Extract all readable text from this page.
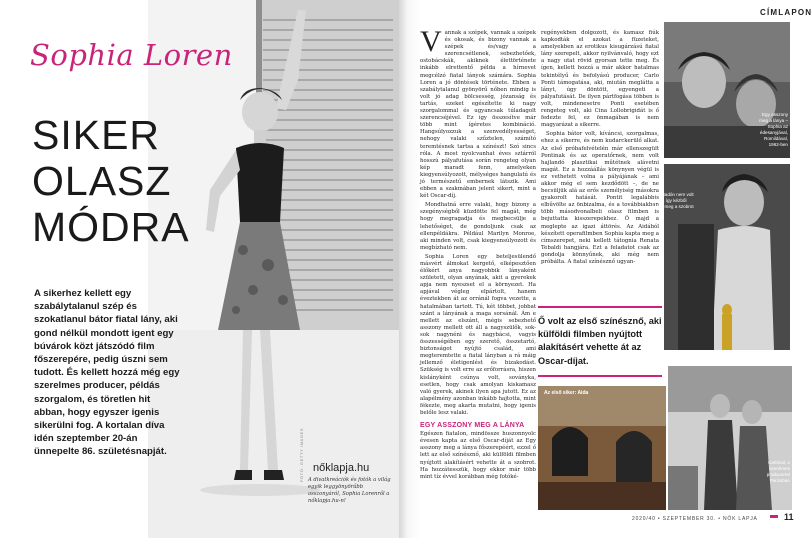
Sophia Loren
SIKER
OLASZ
MÓDRA
A sikerhez kellett egy szabálytalanul szép és szokatlanul bátor fiatal lány, aki gond nélkül mondott igent egy búvárok közt játszódó film főszerepére, pedig úszni sem tudott. És kellett hozzá még egy szerelmes producer, példás szorgalom, és töretlen hit abban, hogy egyszer igenis sikerülni fog. A kortalan díva idén szeptember 20-án ünnepelte 86. születésnapját.
nőklapja.hu
A divatkreációk és fotók a világ egyik leggyönyörűbb asszonyáról, Sophia Lorenről a nőklapja.hu-n!
FOTÓ: GETTY IMAGES
CÍMLAPON
V annak a szépek, vannak a szépek és okosak, és bizony vannak a szépek és/vagy a szerencsétlenek, sebezhetőek, ostobácskák, akiknek élettörténete inkább elrettentő példa a hírnevet megcélzó fiatal lányok számára. Sophia Loren a jó döntések története. Ebben a szabálytalanul gyönyörű nőben mindig is volt jó adag bölcsesség, józanság és tartás, ezeket egészítette ki nagy szorgalommal és ugyancsak túladagolt szerencséjével. Ez így összesítve már több mint ígéretes kombináció. Hangsúlyozzuk a szenvedélyességet, nehogy valaki szűztelen, számító teremtésnek tartsa a színészt! Szó sincs róla. A most nyolcvanhat éves sztárról hosszú pályafutása során rengeteg olyan kép maradt fenn, amelyeken kiegyensúlyozott, mélységes hangulatú és jó természetű embernek látszik. Ami ebben a szakmában jelent sikert, mint a két Oscar-díj.

Mondhatná erre valaki, hogy bizony a szegénységből küzdötte fel magát, még hogy megragadja és megbecsülje a lehetőséget, de gondoljunk csak az ellenpéldákra. Például Marilyn Monroe, aki minden volt, csak kiegyensúlyozott és megbízható nem.

Sophia Loren egy beteljesülendő másvért álmokat kergető, elképesztően élőkért anya nagyobbik lányaként született, olyan anyának, akit a gyerekek apja nem nyeszset el a környezet. Ha apjával végleg elpártolt, hanem éveztekben át az orránál fogva vezette, a hatalmában tartott. Tú, két többet, jobbat szánt a lányának a maga sorsánál. Ám e mellett az elszánt, mégis sebezhető asszony mellett ott áll a nagyszülők, sok-sok nagynéni és nagybácsi, vagyis összességében egy szerető, összetartó, biztonságot nyújtó család, ami megteremtette a fiatal lányban a rá máig jellemző életigenlést és bizakodást. Szükség is volt erre az erőforrásra, hiszen kislányként csúnya volt, soványka, esetlen, hogy csak amolyan kiskamasz való gyerek, akinek ilyen apa jutott. Ez az alapélmény azonban inkább hajtotta, mint fékezte, meg akarta mutatni, hogy igenis belőle lesz valaki.

EGY ASSZONY MEG A LÁNYA

Egészen fiatalon, mindössze huszonnyolc évesen kapta az első Oscar-díját az Egy asszony meg a lánya főszerepéért, ezzel ő lett az első színésznő, aki külföldi filmben nyújtott alakításért vehette át a szobrot. Ha hozzátesszük, hogy ekkor már több mint tíz évvel korábban még fotóké-

regényekben dolgozott, és kamasz fiúk kapkodták el azokat a füzeteket, amelyekben az erotikus kisugárzású fiatal lány szerepelt, akkor nyilvánvaló, hogy ezt a nagy utat rövid gyorsan tette meg. És ígen, kellett hozzá a már akkor hatalmas tekintélyű és befolyású producer, Carlo Ponti támogatása, aki, miután meglátta a lányt, úgy döntött, egyengeti a pályafutását. De ilyen pártfogása többen is volt, mindenesetre Ponti esetében rengeteg volt, aki Cina Lollobrigidát is ő fedezte fel, ez önmagában is nem magyarázat a sikerre.

Sophia bátor volt, kíváncsi, szorgalmas, ehez a sikerre, és nem kudarckerülő alkat. Az első próbafelvételén már ellenszegült Pontinak és az operatőrnek, nem volt hajlandó plasztikai műtétnek alávetni magát. Ez a hozzáállás könynyen végül is ez vethetett volna a pályájának – ami akkor még el sem kezdődött –, de ne becsüljük alá az erős személyiség másokra gyakorolt hatását. Pontit legalábbis elbűvölte az önbizalma, és a továbbiakban több másodvonalbeli olasz filmben is bejuttatta kisszerepekhez. Ő majd a meglepte az igazi áttörés. Az Aidából készített operafilmben Sophia kapta meg a címszerepet, neki kellett tátognia Renata Tebaldi hangjára. Ezt a feladatot csak az gondolja könnyűnek, aki még nem próbálta. A fiatal színésznő ugyan-

Ő volt az első színésznő, aki külföldi filmben nyújtott alakításért vehette át az Oscar-díjat.
Egy asszony meg a lánya – Sophia az édesanyjával, Romildával, 1962-ben
A díjátadón nem volt része, így kézből kapta meg a szobrot
Az első siker: Aida
Carlóval, a szerelmes producerrel Párizsban
2020/40 • SZEPTEMBER 30. • NŐK LAPJA	11
